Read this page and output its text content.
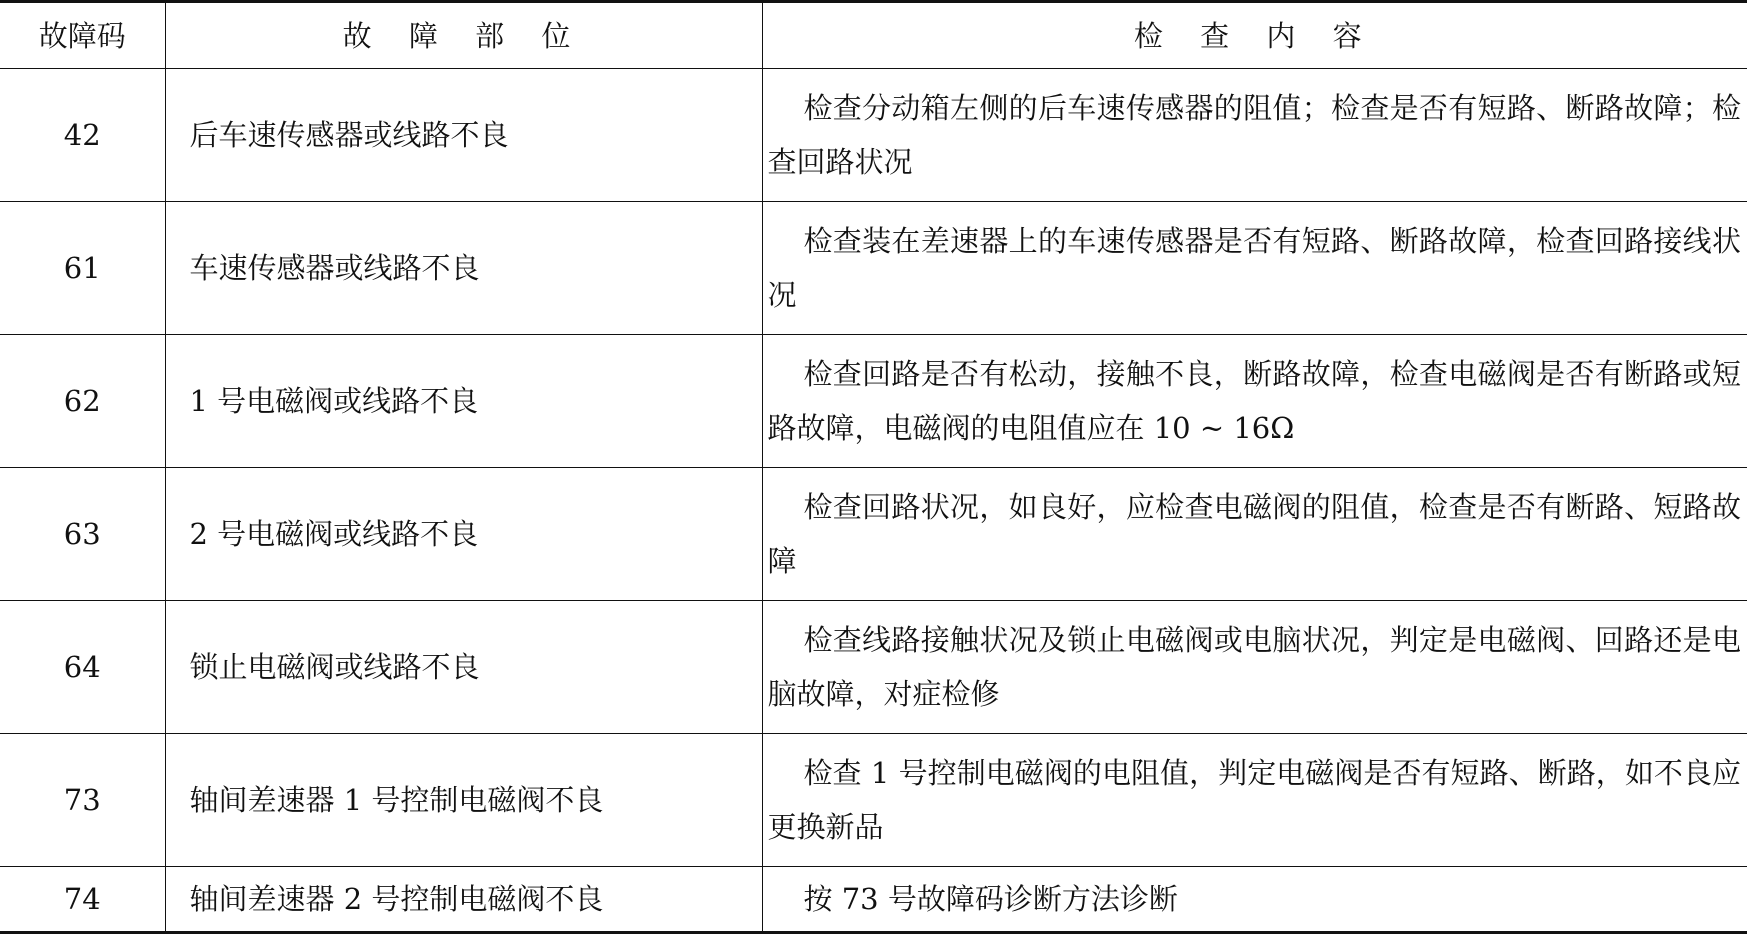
故障码	故 障 部 位	检 查 内 容
42	后车速传感器或线路不良	检查分动箱左侧的后车速传感器的阻值；检查是否有短路、断路故障；检查回路状况
61	车速传感器或线路不良	检查装在差速器上的车速传感器是否有短路、断路故障，检查回路接线状况
62	1 号电磁阀或线路不良	检查回路是否有松动，接触不良，断路故障，检查电磁阀是否有断路或短路故障，电磁阀的电阻值应在 10 ~ 16Ω
63	2 号电磁阀或线路不良	检查回路状况，如良好，应检查电磁阀的阻值，检查是否有断路、短路故障
64	锁止电磁阀或线路不良	检查线路接触状况及锁止电磁阀或电脑状况，判定是电磁阀、回路还是电脑故障，对症检修
73	轴间差速器 1 号控制电磁阀不良	检查 1 号控制电磁阀的电阻值，判定电磁阀是否有短路、断路，如不良应更换新品
74	轴间差速器 2 号控制电磁阀不良	按 73 号故障码诊断方法诊断
